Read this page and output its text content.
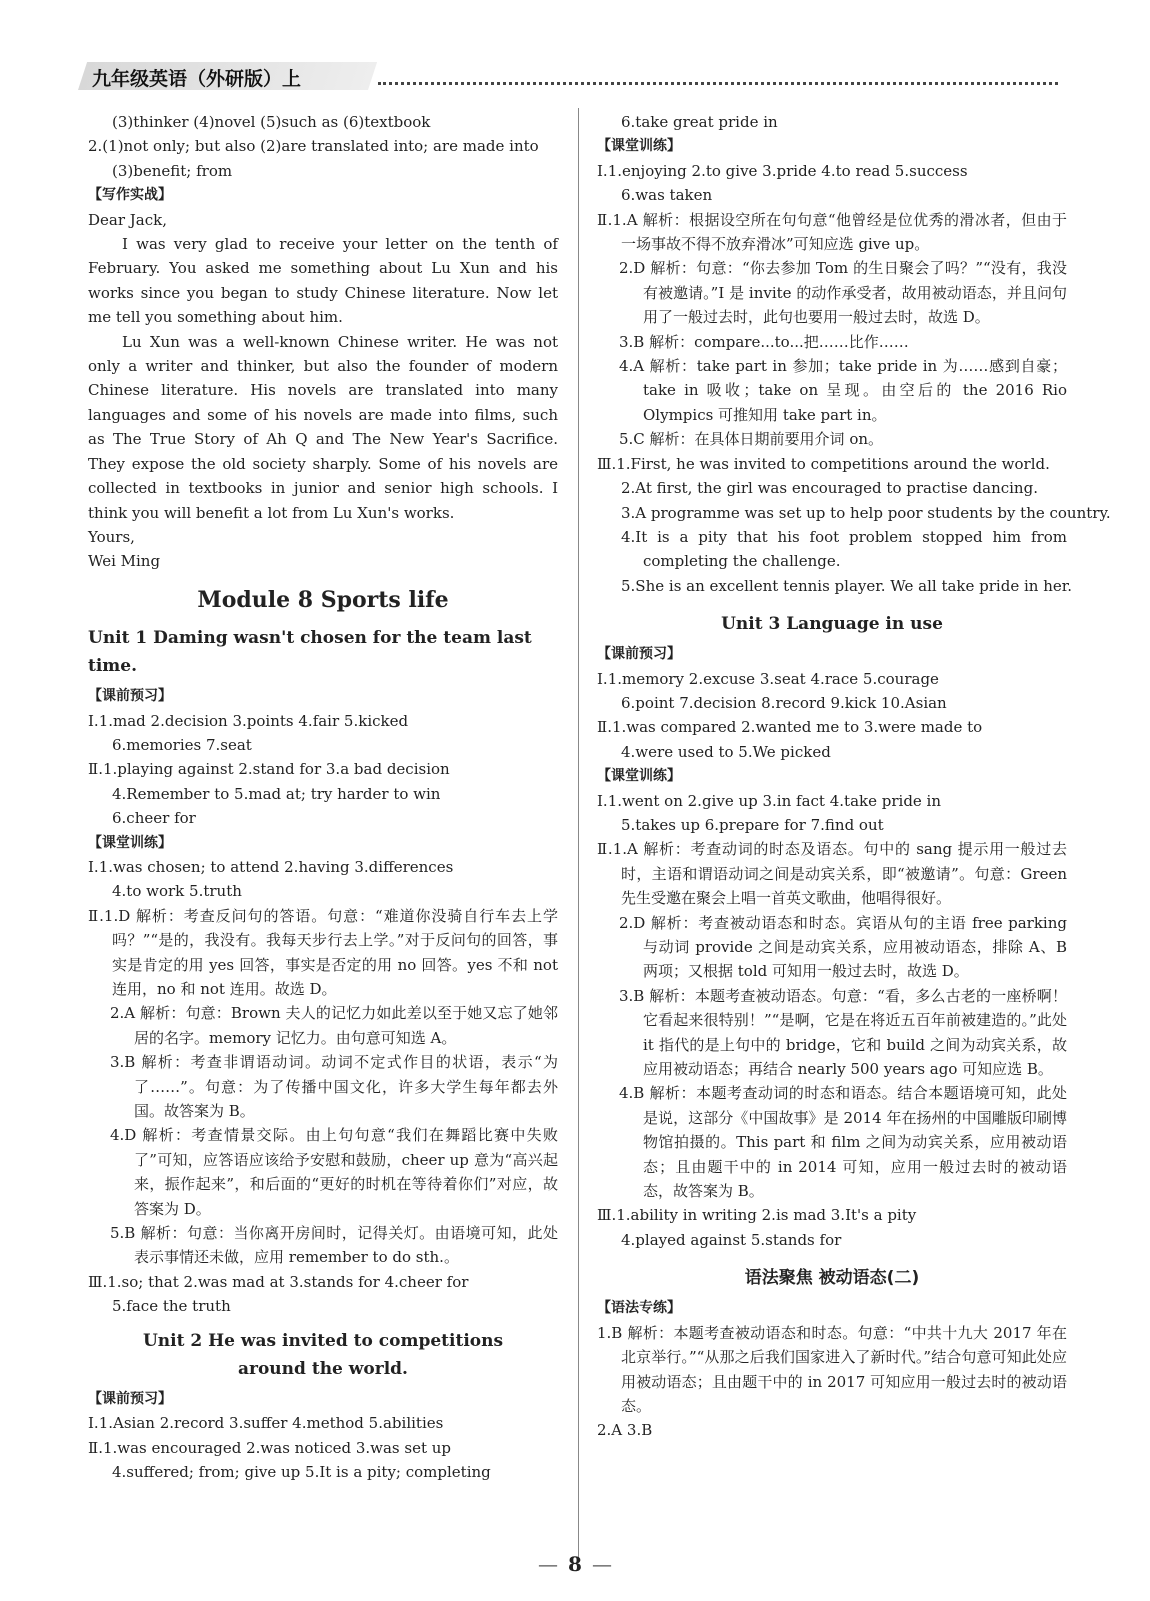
九年级英语（外研版）上
(3)thinker (4)novel (5)such as (6)textbook
2.(1)not only; but also (2)are translated into; are made into
(3)benefit; from
【写作实战】

Dear Jack,

I was very glad to receive your letter on the tenth of February. You asked me something about Lu Xun and his works since you began to study Chinese literature. Now let me tell you something about him.

Lu Xun was a well-known Chinese writer. He was not only a writer and thinker, but also the founder of modern Chinese literature. His novels are translated into many languages and some of his novels are made into films, such as The True Story of Ah Q and The New Year's Sacrifice. They expose the old society sharply. Some of his novels are collected in textbooks in junior and senior high schools. I think you will benefit a lot from Lu Xun's works.

Yours,

Wei Ming

Module 8 Sports life
Unit 1 Daming wasn't chosen for the team last time.
【课前预习】
Ⅰ.1.mad 2.decision 3.points 4.fair 5.kicked
6.memories 7.seat
Ⅱ.1.playing against 2.stand for 3.a bad decision
4.Remember to 5.mad at; try harder to win
6.cheer for
【课堂训练】
Ⅰ.1.was chosen; to attend 2.having 3.differences
4.to work 5.truth
Ⅱ.1.D 解析：考查反问句的答语。句意：“难道你没骑自行车去上学吗？”“是的，我没有。我每天步行去上学。”对于反问句的回答，事实是肯定的用 yes 回答，事实是否定的用 no 回答。yes 不和 not 连用，no 和 not 连用。故选 D。
2.A 解析：句意：Brown 夫人的记忆力如此差以至于她又忘了她邻居的名字。memory 记忆力。由句意可知选 A。
3.B 解析：考查非谓语动词。动词不定式作目的状语，表示“为了……”。句意：为了传播中国文化，许多大学生每年都去外国。故答案为 B。
4.D 解析：考查情景交际。由上句句意“我们在舞蹈比赛中失败了”可知，应答语应该给予安慰和鼓励，cheer up 意为“高兴起来，振作起来”，和后面的“更好的时机在等待着你们”对应，故答案为 D。
5.B 解析：句意：当你离开房间时，记得关灯。由语境可知，此处表示事情还未做，应用 remember to do sth.。
Ⅲ.1.so; that 2.was mad at 3.stands for 4.cheer for
5.face the truth
Unit 2 He was invited to competitions
around the world.
【课前预习】
Ⅰ.1.Asian 2.record 3.suffer 4.method 5.abilities
Ⅱ.1.was encouraged 2.was noticed 3.was set up
4.suffered; from; give up 5.It is a pity; completing
6.take great pride in
【课堂训练】
Ⅰ.1.enjoying 2.to give 3.pride 4.to read 5.success
6.was taken
Ⅱ.1.A 解析：根据设空所在句句意“他曾经是位优秀的滑冰者，但由于一场事故不得不放弃滑冰”可知应选 give up。
2.D 解析：句意：“你去参加 Tom 的生日聚会了吗？”“没有，我没有被邀请。”I 是 invite 的动作承受者，故用被动语态，并且问句用了一般过去时，此句也要用一般过去时，故选 D。
3.B 解析：compare...to...把……比作……
4.A 解析：take part in 参加；take pride in 为……感到自豪；take in 吸收；take on 呈现。由空后的 the 2016 Rio Olympics 可推知用 take part in。
5.C 解析：在具体日期前要用介词 on。
Ⅲ.1.First, he was invited to competitions around the world.
2.At first, the girl was encouraged to practise dancing.
3.A programme was set up to help poor students by the country.
4.It is a pity that his foot problem stopped him from completing the challenge.
5.She is an excellent tennis player. We all take pride in her.
Unit 3 Language in use
【课前预习】
Ⅰ.1.memory 2.excuse 3.seat 4.race 5.courage
6.point 7.decision 8.record 9.kick 10.Asian
Ⅱ.1.was compared 2.wanted me to 3.were made to
4.were used to 5.We picked
【课堂训练】
Ⅰ.1.went on 2.give up 3.in fact 4.take pride in
5.takes up 6.prepare for 7.find out
Ⅱ.1.A 解析：考查动词的时态及语态。句中的 sang 提示用一般过去时，主语和谓语动词之间是动宾关系，即“被邀请”。句意：Green 先生受邀在聚会上唱一首英文歌曲，他唱得很好。
2.D 解析：考查被动语态和时态。宾语从句的主语 free parking 与动词 provide 之间是动宾关系，应用被动语态，排除 A、B 两项；又根据 told 可知用一般过去时，故选 D。
3.B 解析：本题考查被动语态。句意：“看，多么古老的一座桥啊！它看起来很特别！”“是啊，它是在将近五百年前被建造的。”此处 it 指代的是上句中的 bridge，它和 build 之间为动宾关系，故应用被动语态；再结合 nearly 500 years ago 可知应选 B。
4.B 解析：本题考查动词的时态和语态。结合本题语境可知，此处是说，这部分《中国故事》是 2014 年在扬州的中国雕版印刷博物馆拍摄的。This part 和 film 之间为动宾关系，应用被动语态；且由题干中的 in 2014 可知，应用一般过去时的被动语态，故答案为 B。
Ⅲ.1.ability in writing 2.is mad 3.It's a pity
4.played against 5.stands for
语法聚焦 被动语态(二)
【语法专练】
1.B 解析：本题考查被动语态和时态。句意：“中共十九大 2017 年在北京举行。”“从那之后我们国家进入了新时代。”结合句意可知此处应用被动语态；且由题干中的 in 2017 可知应用一般过去时的被动语态。
2.A 3.B
— 8 —
